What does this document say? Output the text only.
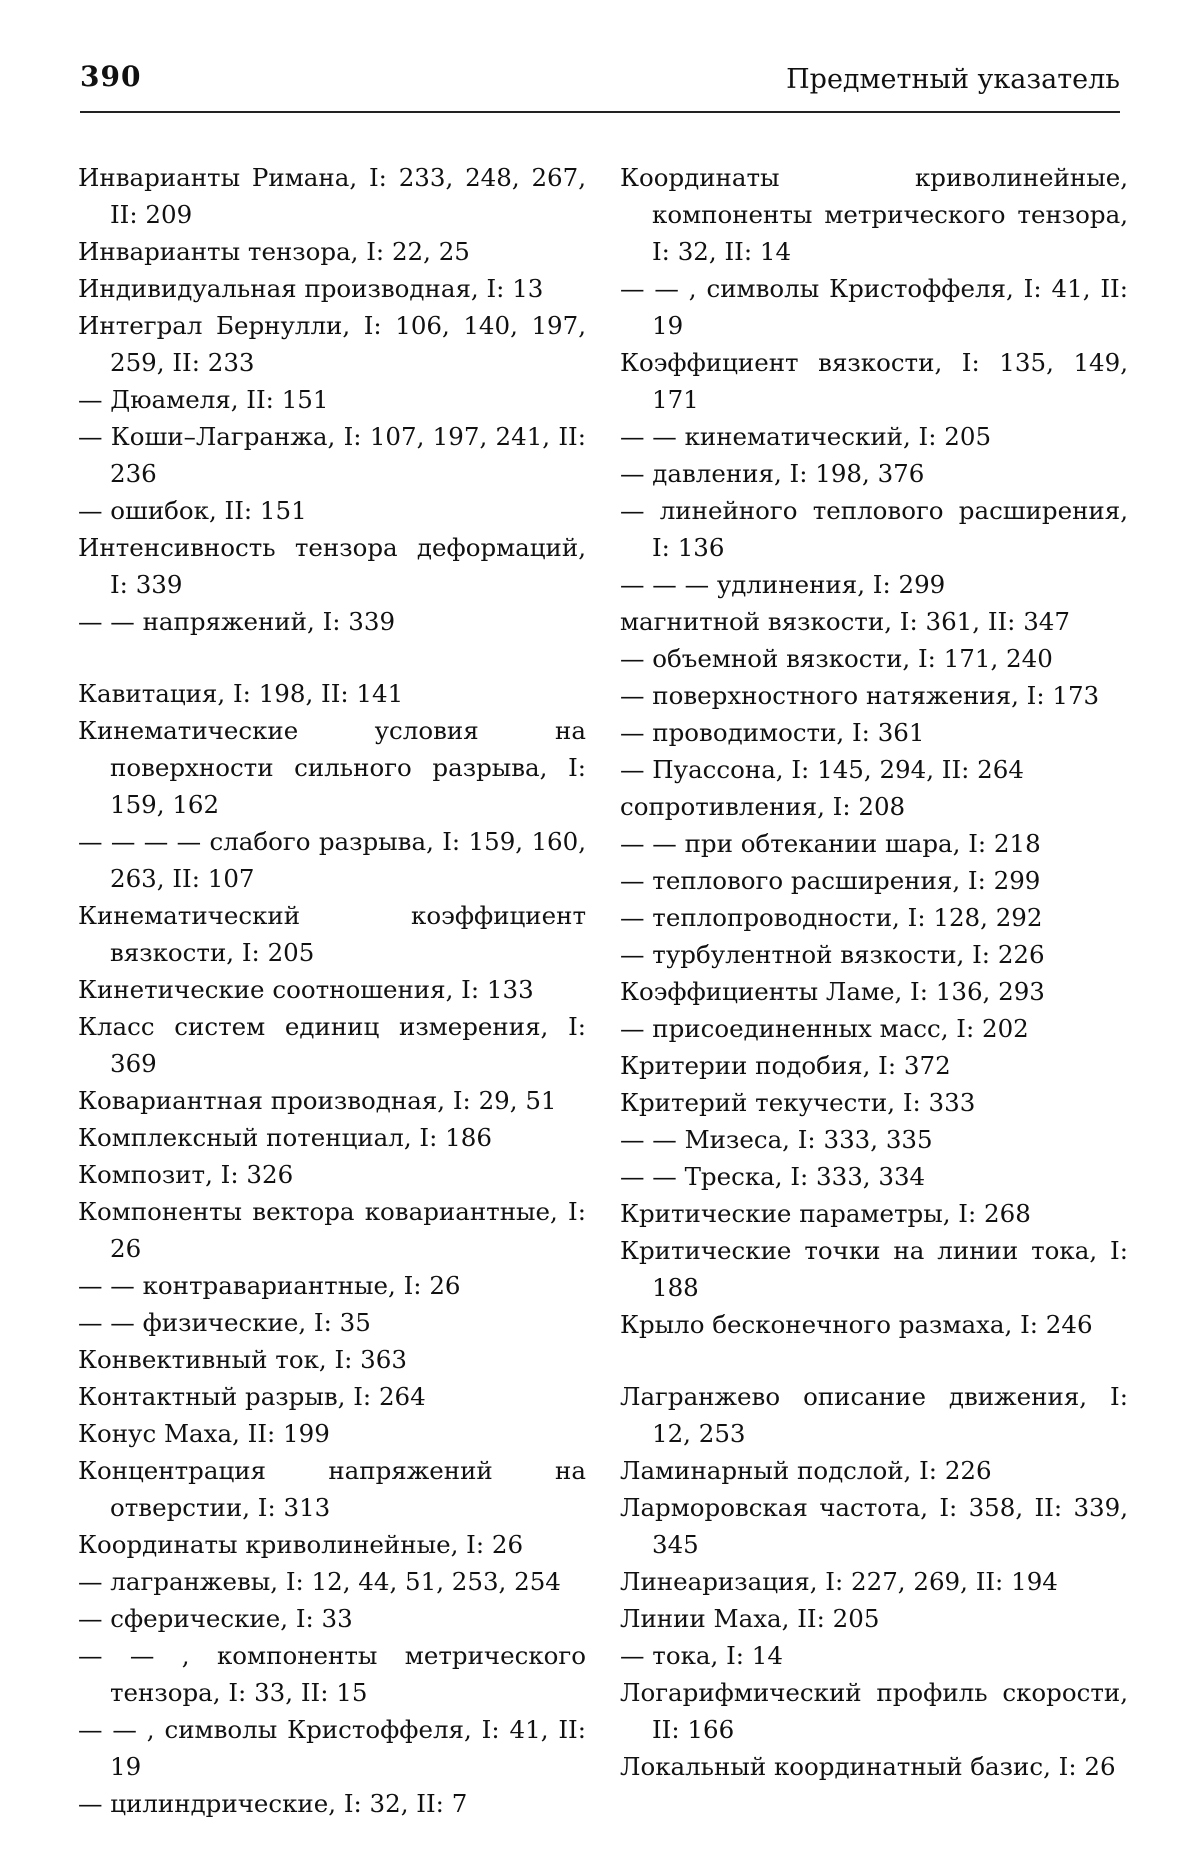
390	Предметный указатель
Инварианты Римана, I: 233, 248, 267, II: 209
Инварианты тензора, I: 22, 25
Индивидуальная производная, I: 13
Интеграл Бернулли, I: 106, 140, 197, 259, II: 233
— Дюамеля, II: 151
— Коши–Лагранжа, I: 107, 197, 241, II: 236
— ошибок, II: 151
Интенсивность тензора деформаций, I: 339
— — напряжений, I: 339
Кавитация, I: 198, II: 141
Кинематические условия на поверхности сильного разрыва, I: 159, 162
— — — — слабого разрыва, I: 159, 160, 263, II: 107
Кинематический коэффициент вязкости, I: 205
Кинетические соотношения, I: 133
Класс систем единиц измерения, I: 369
Ковариантная производная, I: 29, 51
Комплексный потенциал, I: 186
Композит, I: 326
Компоненты вектора ковариантные, I: 26
— — контравариантные, I: 26
— — физические, I: 35
Конвективный ток, I: 363
Контактный разрыв, I: 264
Конус Маха, II: 199
Концентрация напряжений на отверстии, I: 313
Координаты криволинейные, I: 26
— лагранжевы, I: 12, 44, 51, 253, 254
— сферические, I: 33
— — , компоненты метрического тензора, I: 33, II: 15
— — , символы Кристоффеля, I: 41, II: 19
— цилиндрические, I: 32, II: 7
Координаты криволинейные, компоненты метрического тензора, I: 32, II: 14
— — , символы Кристоффеля, I: 41, II: 19
Коэффициент вязкости, I: 135, 149, 171
— — кинематический, I: 205
— давления, I: 198, 376
— линейного теплового расширения, I: 136
— — — удлинения, I: 299
магнитной вязкости, I: 361, II: 347
— объемной вязкости, I: 171, 240
— поверхностного натяжения, I: 173
— проводимости, I: 361
— Пуассона, I: 145, 294, II: 264
сопротивления, I: 208
— — при обтекании шара, I: 218
— теплового расширения, I: 299
— теплопроводности, I: 128, 292
— турбулентной вязкости, I: 226
Коэффициенты Ламе, I: 136, 293
— присоединенных масс, I: 202
Критерии подобия, I: 372
Критерий текучести, I: 333
— — Мизеса, I: 333, 335
— — Треска, I: 333, 334
Критические параметры, I: 268
Критические точки на линии тока, I: 188
Крыло бесконечного размаха, I: 246
Лагранжево описание движения, I: 12, 253
Ламинарный подслой, I: 226
Ларморовская частота, I: 358, II: 339, 345
Линеаризация, I: 227, 269, II: 194
Линии Маха, II: 205
— тока, I: 14
Логарифмический профиль скорости, II: 166
Локальный координатный базис, I: 26
